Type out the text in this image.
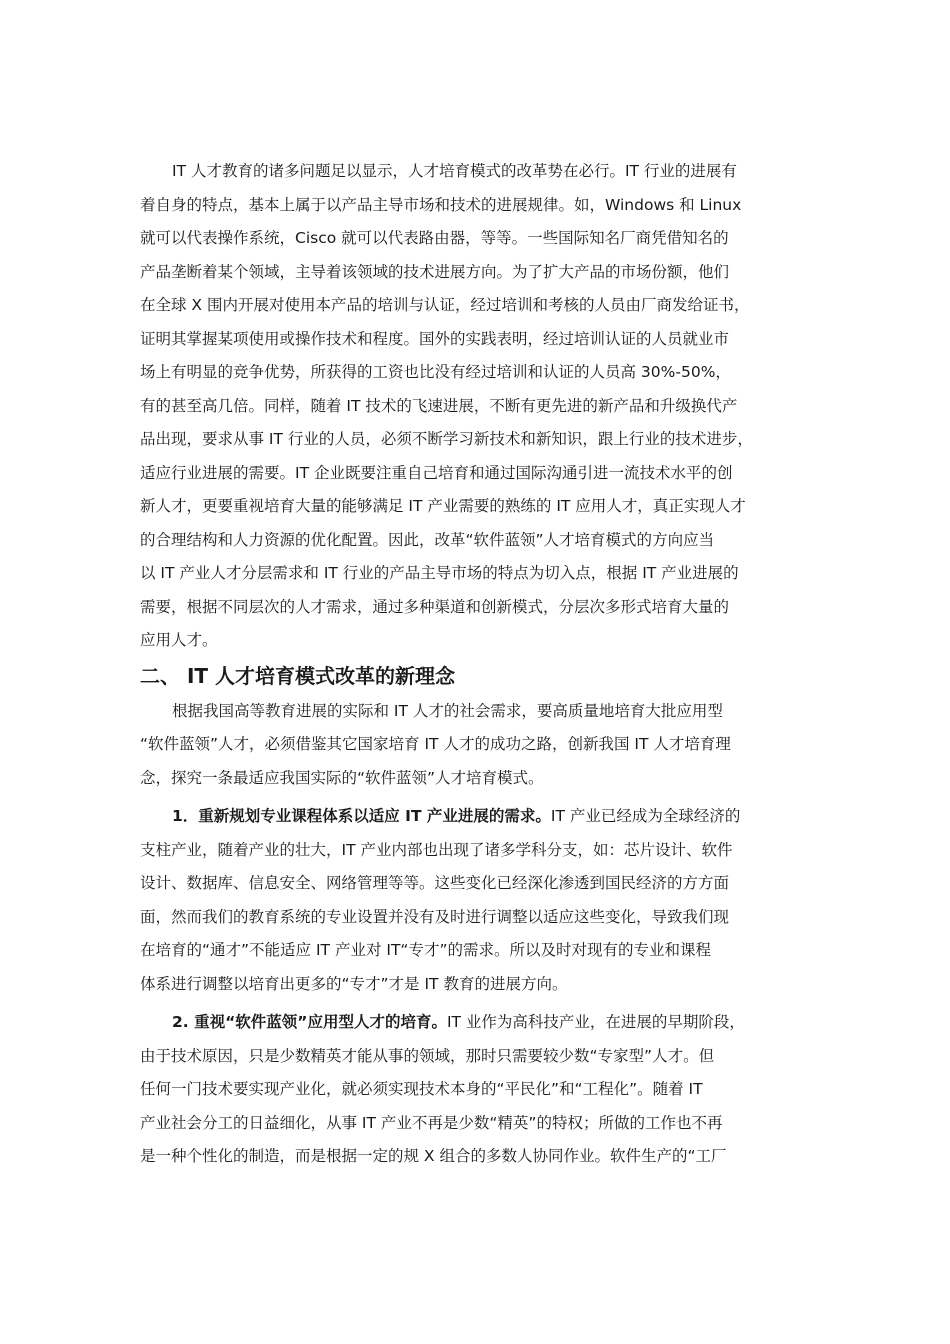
IT 人才教育的诸多问题足以显示，人才培育模式的改革势在必行。IT 行业的进展有
着自身的特点，基本上属于以产品主导市场和技术的进展规律。如，Windows 和 Linux
就可以代表操作系统，Cisco 就可以代表路由器，等等。一些国际知名厂商凭借知名的
产品垄断着某个领域，主导着该领域的技术进展方向。为了扩大产品的市场份额，他们
在全球 X 围内开展对使用本产品的培训与认证，经过培训和考核的人员由厂商发给证书，
证明其掌握某项使用或操作技术和程度。国外的实践表明，经过培训认证的人员就业市
场上有明显的竞争优势，所获得的工资也比没有经过培训和认证的人员高 30%-50%，
有的甚至高几倍。同样，随着 IT 技术的飞速进展，不断有更先进的新产品和升级换代产
品出现，要求从事 IT 行业的人员，必须不断学习新技术和新知识，跟上行业的技术进步，
适应行业进展的需要。IT 企业既要注重自己培育和通过国际沟通引进一流技术水平的创
新人才，更要重视培育大量的能够满足 IT 产业需要的熟练的 IT 应用人才，真正实现人才
的合理结构和人力资源的优化配置。因此，改革“软件蓝领”人才培育模式的方向应当
以 IT 产业人才分层需求和 IT 行业的产品主导市场的特点为切入点，根据 IT 产业进展的
需要，根据不同层次的人才需求，通过多种渠道和创新模式，分层次多形式培育大量的
应用人才。
二、 IT 人才培育模式改革的新理念
根据我国高等教育进展的实际和 IT 人才的社会需求，要高质量地培育大批应用型
“软件蓝领”人才，必须借鉴其它国家培育 IT 人才的成功之路，创新我国 IT 人才培育理
念，探究一条最适应我国实际的“软件蓝领”人才培育模式。
1．重新规划专业课程体系以适应 IT 产业进展的需求。IT 产业已经成为全球经济的
支柱产业，随着产业的壮大，IT 产业内部也出现了诸多学科分支，如：芯片设计、软件
设计、数据库、信息安全、网络管理等等。这些变化已经深化渗透到国民经济的方方面
面，然而我们的教育系统的专业设置并没有及时进行调整以适应这些变化，导致我们现
在培育的“通才”不能适应 IT 产业对 IT“专才”的需求。所以及时对现有的专业和课程
体系进行调整以培育出更多的“专才”才是 IT 教育的进展方向。
2. 重视“软件蓝领”应用型人才的培育。IT 业作为高科技产业，在进展的早期阶段，
由于技术原因，只是少数精英才能从事的领域，那时只需要较少数“专家型”人才。但
任何一门技术要实现产业化，就必须实现技术本身的“平民化”和“工程化”。随着 IT
产业社会分工的日益细化，从事 IT 产业不再是少数“精英”的特权；所做的工作也不再
是一种个性化的制造，而是根据一定的规 X 组合的多数人协同作业。软件生产的“工厂
